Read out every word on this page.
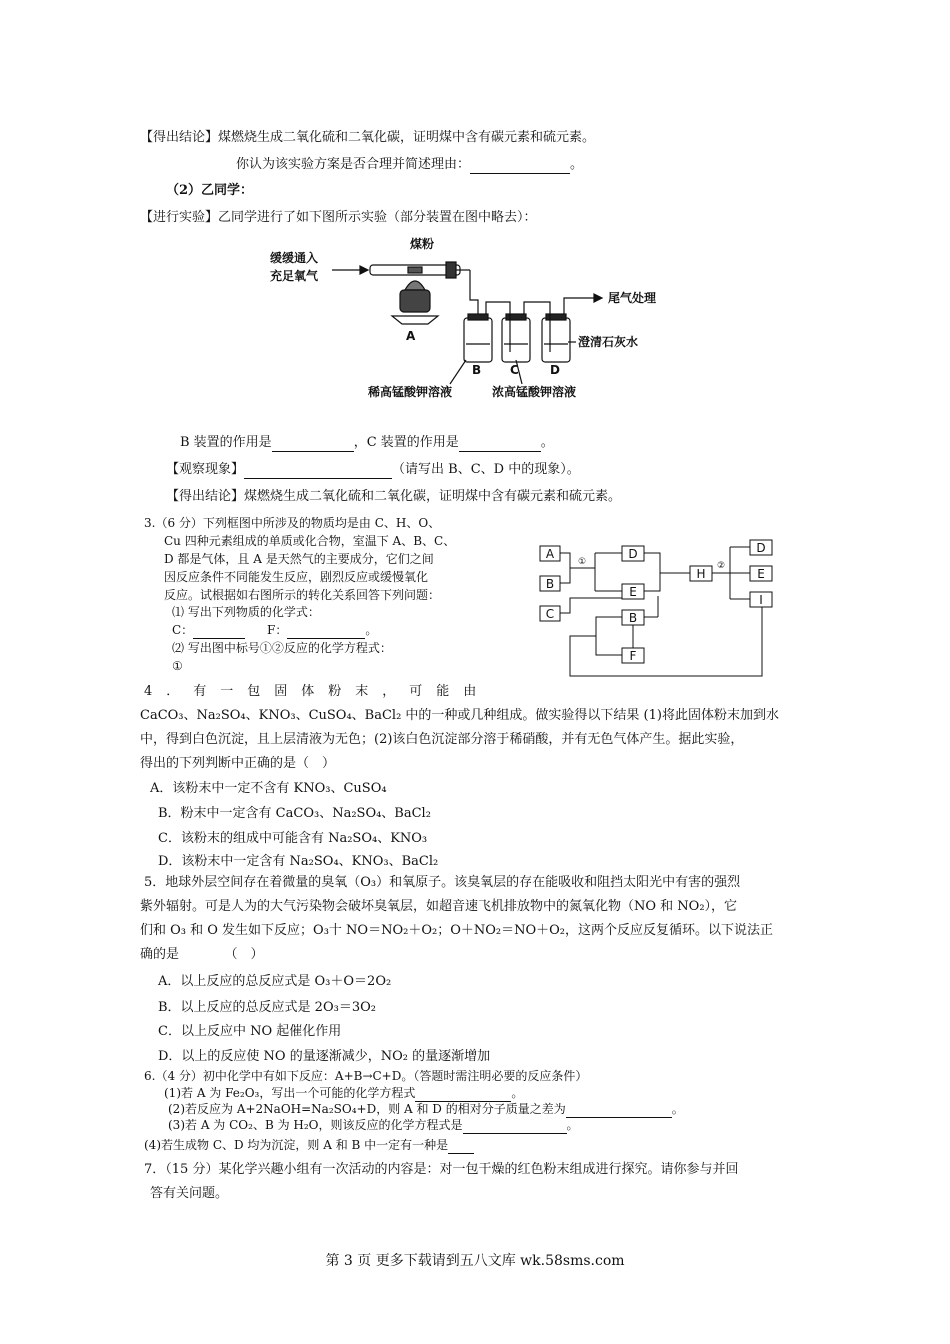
【得出结论】煤燃烧生成二氧化硫和二氧化碳，证明煤中含有碳元素和硫元素。
你认为该实验方案是否合理并简述理由：	。
（2）乙同学：
【进行实验】乙同学进行了如下图所示实验（部分装置在图中略去）：
缓缓通入
充足氧气
煤粉
A
尾气处理
澄清石灰水
B C	D
稀高锰酸钾溶液	浓高锰酸钾溶液
B 装置的作用是	，C 装置的作用是	。
【观察现象】	（请写出 B、C、D 中的现象）。
【得出结论】煤燃烧生成二氧化硫和二氧化碳，证明煤中含有碳元素和硫元素。
3.（6 分）下列框图中所涉及的物质均是由 C、H、O、
Cu 四种元素组成的单质或化合物，室温下 A、B、C、
D 都是气体，且 A 是天然气的主要成分，它们之间
因反应条件不同能发生反应，剧烈反应或缓慢氧化
反应。试根据如右图所示的转化关系回答下列问题：
⑴ 写出下列物质的化学式：
C：	F：	。
⑵ 写出图中标号①②反应的化学方程式：
①
A
B
C
D
E
B
F
H
D
E
I
①	②
4．有一包固体粉末，可能由
CaCO₃、Na₂SO₄、KNO₃、CuSO₄、BaCl₂ 中的一种或几种组成。做实验得以下结果 (1)将此固体粉末加到水
中，得到白色沉淀，且上层清液为无色；(2)该白色沉淀部分溶于稀硝酸，并有无色气体产生。据此实验，
得出的下列判断中正确的是（　）
A．该粉末中一定不含有 KNO₃、CuSO₄
B．粉末中一定含有 CaCO₃、Na₂SO₄、BaCl₂
C．该粉末的组成中可能含有 Na₂SO₄、KNO₃
D．该粉末中一定含有 Na₂SO₄、KNO₃、BaCl₂
5．地球外层空间存在着微量的臭氧（O₃）和氧原子。该臭氧层的存在能吸收和阻挡太阳光中有害的强烈
紫外辐射。可是人为的大气污染物会破坏臭氧层，如超音速飞机排放物中的氮氧化物（NO 和 NO₂），它
们和 O₃ 和 O 发生如下反应；O₃十 NO＝NO₂＋O₂；O＋NO₂＝NO＋O₂，这两个反应反复循环。以下说法正
确的是　　　　（　）
A．以上反应的总反应式是 O₃＋O＝2O₂
B．以上反应的总反应式是 2O₃＝3O₂
C．以上反应中 NO 起催化作用
D．以上的反应使 NO 的量逐渐减少，NO₂ 的量逐渐增加
6.（4 分）初中化学中有如下反应：A+B→C+D。（答题时需注明必要的反应条件）
(1)若 A 为 Fe₂O₃，写出一个可能的化学方程式	。
(2)若反应为 A+2NaOH=Na₂SO₄+D，则 A 和 D 的相对分子质量之差为	。
(3)若 A 为 CO₂、B 为 H₂O，则该反应的化学方程式是	。
(4)若生成物 C、D 均为沉淀，则 A 和 B 中一定有一种是
7．（15 分）某化学兴趣小组有一次活动的内容是：对一包干燥的红色粉末组成进行探究。请你参与并回
答有关问题。
第 3 页 更多下载请到五八文库 wk.58sms.com
